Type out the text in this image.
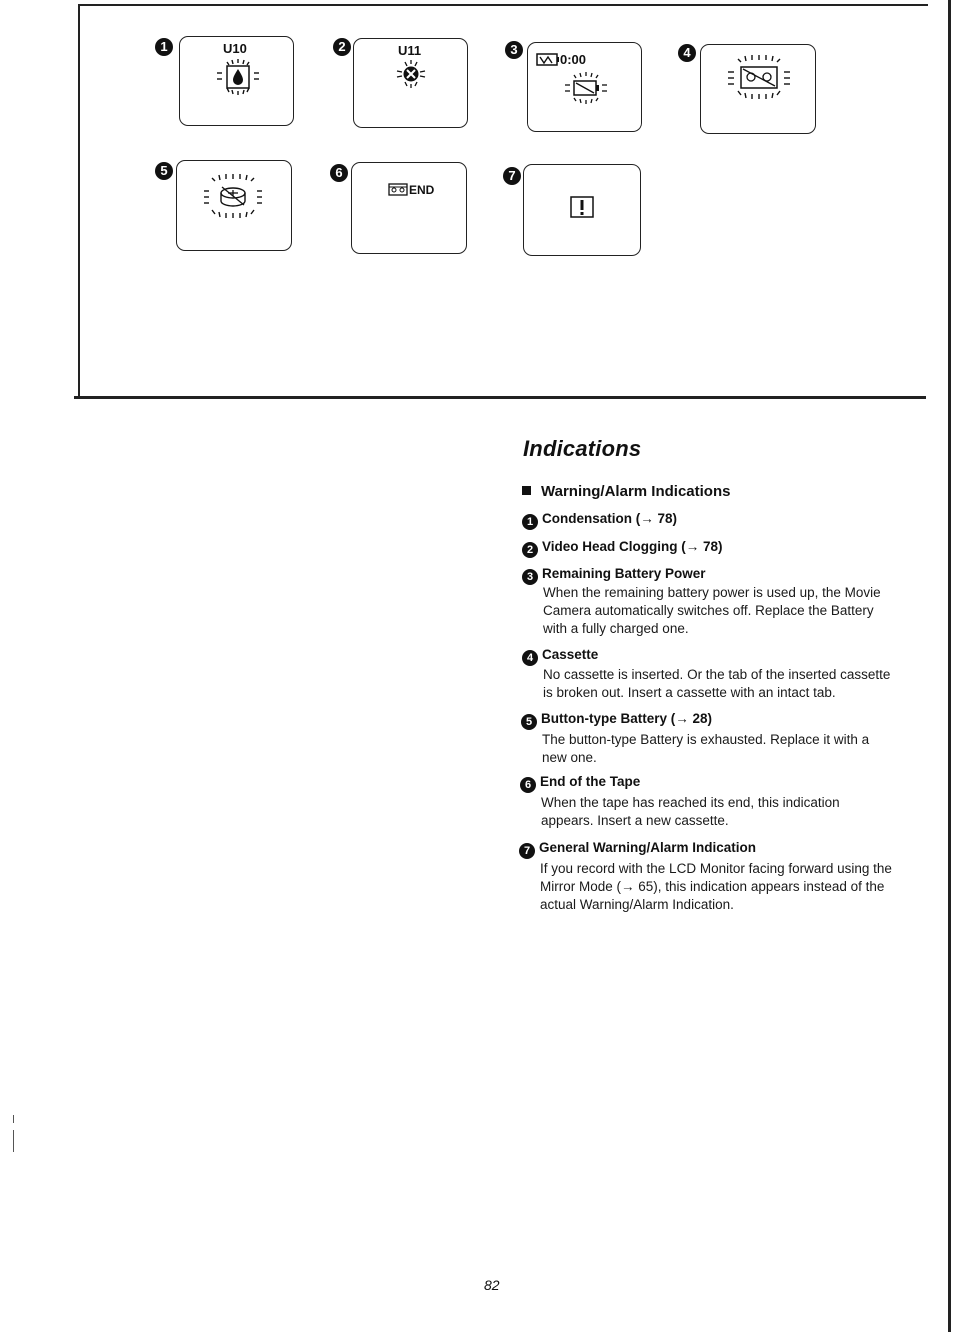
1	U10	2	U11	3
0:00	4
5	6
END
7
Indications
Warning/Alarm Indications
1 Condensation (→ 78)
2 Video Head Clogging (→ 78)
3 Remaining Battery Power
When the remaining battery power is used up, the Movie
Camera automatically switches off. Replace the Battery
with a fully charged one.
4 Cassette
No cassette is inserted. Or the tab of the inserted cassette
is broken out. Insert a cassette with an intact tab.
5 Button-type Battery (→ 28)
The button-type Battery is exhausted. Replace it with a
new one.
6 End of the Tape
When the tape has reached its end, this indication
appears. Insert a new cassette.
7 General Warning/Alarm Indication
If you record with the LCD Monitor facing forward using the
Mirror Mode (→ 65), this indication appears instead of the
actual Warning/Alarm Indication.
82
